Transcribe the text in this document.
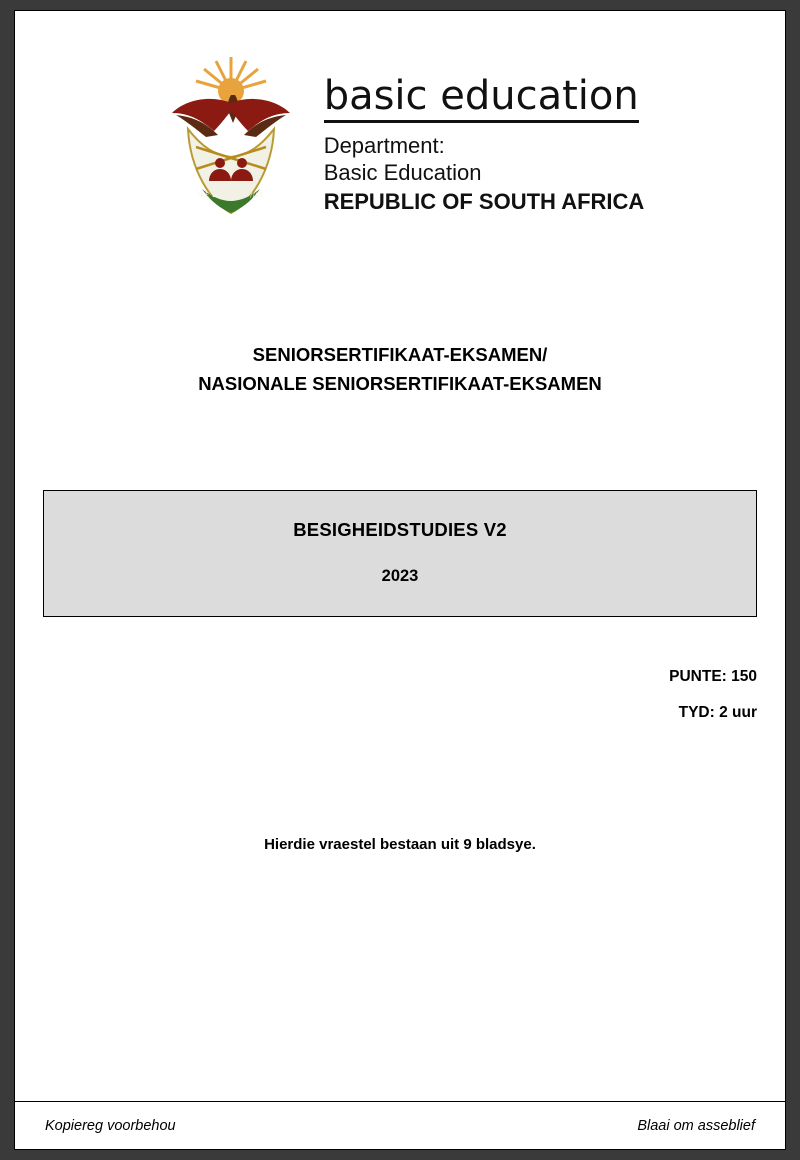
!KE E: /XARRA //KE
basic education
Department:
Basic Education
REPUBLIC OF SOUTH AFRICA
SENIORSERTIFIKAAT-EKSAMEN/
NASIONALE SENIORSERTIFIKAAT-EKSAMEN
BESIGHEIDSTUDIES V2
2023
PUNTE: 150
TYD: 2 uur
Hierdie vraestel bestaan uit 9 bladsye.
Kopiereg voorbehou	Blaai om asseblief
